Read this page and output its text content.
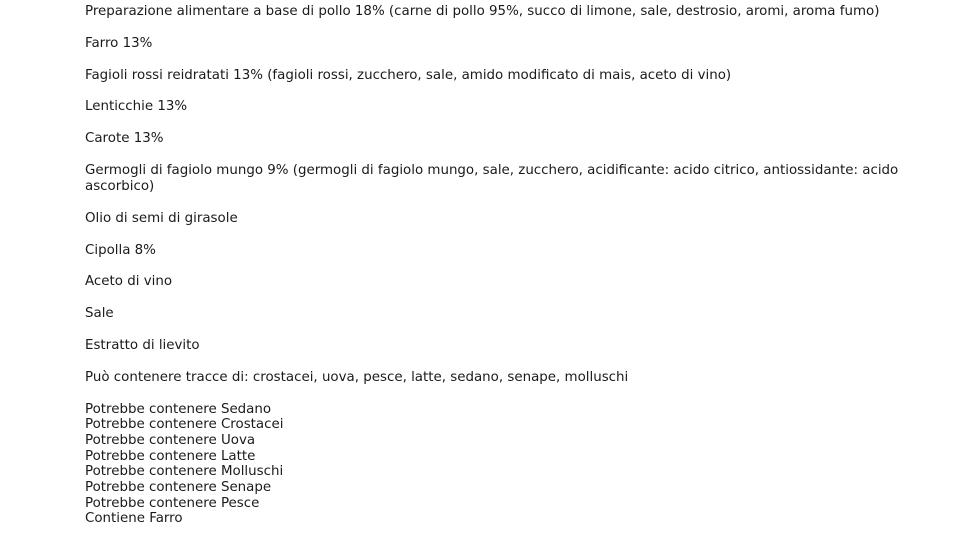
Preparazione alimentare a base di pollo 18% (carne di pollo 95%, succo di limone, sale, destrosio, aromi, aroma fumo)

Farro 13%

Fagioli rossi reidratati 13% (fagioli rossi, zucchero, sale, amido modificato di mais, aceto di vino)

Lenticchie 13%

Carote 13%

Germogli di fagiolo mungo 9% (germogli di fagiolo mungo, sale, zucchero, acidificante: acido citrico, antiossidante: acido ascorbico)

Olio di semi di girasole

Cipolla 8%

Aceto di vino

Sale

Estratto di lievito

Può contenere tracce di: crostacei, uova, pesce, latte, sedano, senape, molluschi

Potrebbe contenere Sedano
Potrebbe contenere Crostacei
Potrebbe contenere Uova
Potrebbe contenere Latte
Potrebbe contenere Molluschi
Potrebbe contenere Senape
Potrebbe contenere Pesce
Contiene Farro
